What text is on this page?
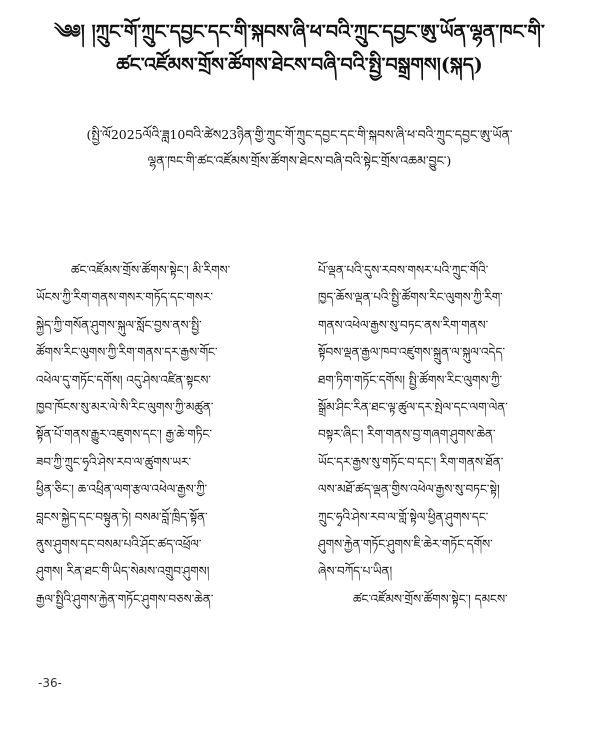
༄༅། །ཀྲུང་གོ་ཀྲུང་དབྱང་དང་གི་སྐབས་ཞི་ཕ་བའི་ཀྲུང་དབྱང་ཨུ་ཡོན་ལྷན་ཁང་གི་
ཚང་འཛོམས་གྲོས་ཚོགས་ཐེངས་བཞི་བའི་སྤྱི་བསྒྲགས།(སྐད)
(སྤྱི་ལོ2025ལོའི་ཟླ10བའི་ཚེས23ཉིན་གྱི་ཀྲུང་གོ་ཀྲུང་དབྱང་དང་གི་སྐབས་ཞི་ཕ་བའི་ཀྲུང་དབྱང་ཨུ་ཡོན་
ལྷན་ཁང་གི་ཚང་འཛོམས་གྲོས་ཚོགས་ཐེངས་བཞི་བའི་སྟེང་གྲོས་འཆམ་བྱུང་)
ཚང་འཛོམས་གྲོས་ཚོགས་སྟེང་། མི་རིགས་
ཡོངས་ཀྱི་རིག་གནས་གསར་གཏོད་དང་གསར་
སྐྱེད་ཀྱི་གསོན་ཤུགས་སྐུལ་སློང་བྱས་ནས་སྤྱི་
ཚོགས་རིང་ལུགས་ཀྱི་རིག་གནས་དར་རྒྱས་གོང་
འཕེལ་དུ་གཏོང་དགོས། འདུ་ཤེས་འཛིན་སྟངས་
ཁྱབ་ཁོངས་སུ་མར་ལེ་སི་རིང་ལུགས་ཀྱི་མཚུན་
སྟོན་པོ་གནས་རྒྱུར་འཇུགས་དང་། རྒྱ་ཆེ་གཏིང་
ཟབ་ཀྱི་ཀྲུང་ཧྭའི་ཤེས་རབ་ལ་ཚུགས་ཡར་
ཕྱིན་ཅིང་། ཆ་འཕྲིན་ལག་རྩལ་འཕེལ་རྒྱས་ཀྱི་
བླངས་སྐྱེད་དང་བསྟུན་ཏེ། བསམ་བློ་ཁྲིད་སྟོན་
ནུས་ཤུགས་དང་བསམ་པའི་ཤོང་ཚད་འཕྲོལ་
ཤུགས། རིན་ཐང་གི་ཡིད་སེམས་འགྲུབ་ཤུགས།
རྒྱལ་སྤྱིའི་ཤུགས་རྐྱེན་གཏོང་ཤུགས་བཅས་ཆེན་
པོ་ལྡན་པའི་དུས་རབས་གསར་པའི་ཀྲུང་གོའི་
ཁྱད་ཆོས་ལྡན་པའི་སྤྱི་ཚོགས་རིང་ལུགས་ཀྱི་རིག་
གནས་འཕེལ་རྒྱས་སུ་བཏང་ནས་རིག་གནས་
སྟོབས་ལྡན་རྒྱལ་ཁབ་འཛུགས་སྐྲུན་ལ་སྐུལ་འདེད་
ཐག་ཏིག་གཏོང་དགོས། སྤྱི་ཚོགས་རིང་ལུགས་ཀྱི་
སྒྲོམ་ཤིང་རིན་ཐང་ལྟ་ཚུལ་དར་སྤེལ་དང་ལག་ལེན་
བསྟར་ཞིང་། རིག་གནས་བྱ་གཞག་ཤུགས་ཆེན་
ཡོང་དར་རྒྱས་སུ་གཏོང་བ་དང་། རིག་གནས་ཐོན་
ལས་མཐོ་ཚད་ལྡན་གྱིས་འཕེལ་རྒྱས་སུ་བཏང་སྟེ།
ཀྲུང་ཧྭའི་ཤེས་རབ་ལ་གློ་སྟེལ་ཕྱིན་ཤུགས་དང་
ཤུགས་རྐྱེན་གཏོང་ཤུགས་ཇི་ཆེར་གཏོང་དགོས་
ཞེས་བཀོད་པ་ཡིན།
ཚང་འཛོམས་གྲོས་ཚོགས་སྟེང་། དམངས་
-36-
